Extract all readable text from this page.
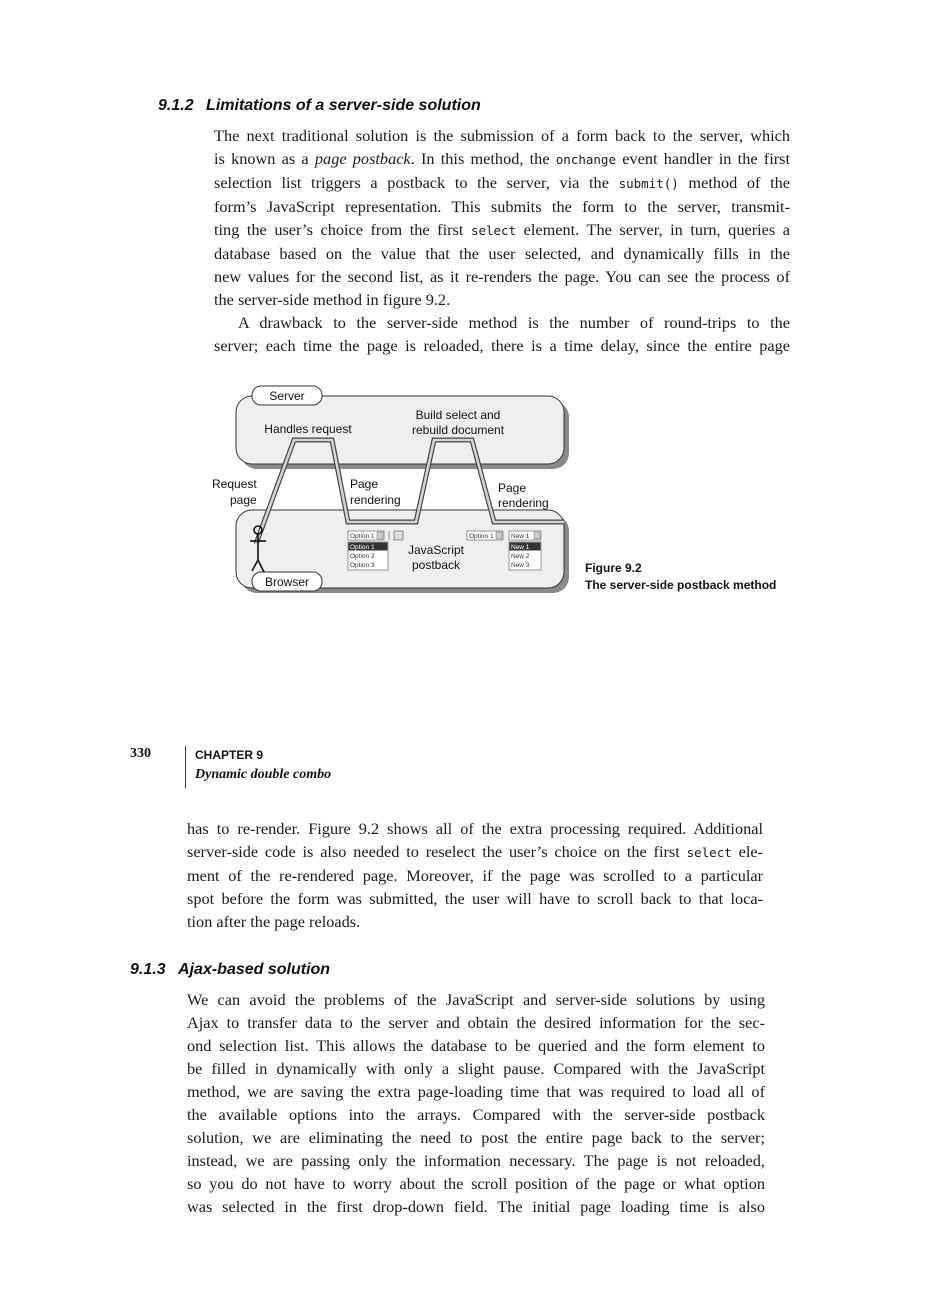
9.1.2 Limitations of a server-side solution
The next traditional solution is the submission of a form back to the server, which
is known as a page postback. In this method, the onchange event handler in the first
selection list triggers a postback to the server, via the submit() method of the
form’s JavaScript representation. This submits the form to the server, transmit-
ting the user’s choice from the first select element. The server, in turn, queries a
database based on the value that the user selected, and dynamically fills in the
new values for the second list, as it re-renders the page. You can see the process of
the server-side method in figure 9.2.
A drawback to the server-side method is the number of round-trips to the
server; each time the page is reloaded, there is a time delay, since the entire page
Server
Handles request
Build select and
rebuild document
Browser
Request
page
Page
rendering
Page
rendering
Option 1
Option 1
Option 2
Option 3
JavaScript
postback
Option 1	New 1
New 1
New 2
New 3	Figure 9.2
The server-side postback method
330	CHAPTER 9
Dynamic double combo
has to re-render. Figure 9.2 shows all of the extra processing required. Additional
server-side code is also needed to reselect the user’s choice on the first select ele-
ment of the re-rendered page. Moreover, if the page was scrolled to a particular
spot before the form was submitted, the user will have to scroll back to that loca-
tion after the page reloads.
9.1.3 Ajax-based solution
We can avoid the problems of the JavaScript and server-side solutions by using
Ajax to transfer data to the server and obtain the desired information for the sec-
ond selection list. This allows the database to be queried and the form element to
be filled in dynamically with only a slight pause. Compared with the JavaScript
method, we are saving the extra page-loading time that was required to load all of
the available options into the arrays. Compared with the server-side postback
solution, we are eliminating the need to post the entire page back to the server;
instead, we are passing only the information necessary. The page is not reloaded,
so you do not have to worry about the scroll position of the page or what option
was selected in the first drop-down field. The initial page loading time is also
